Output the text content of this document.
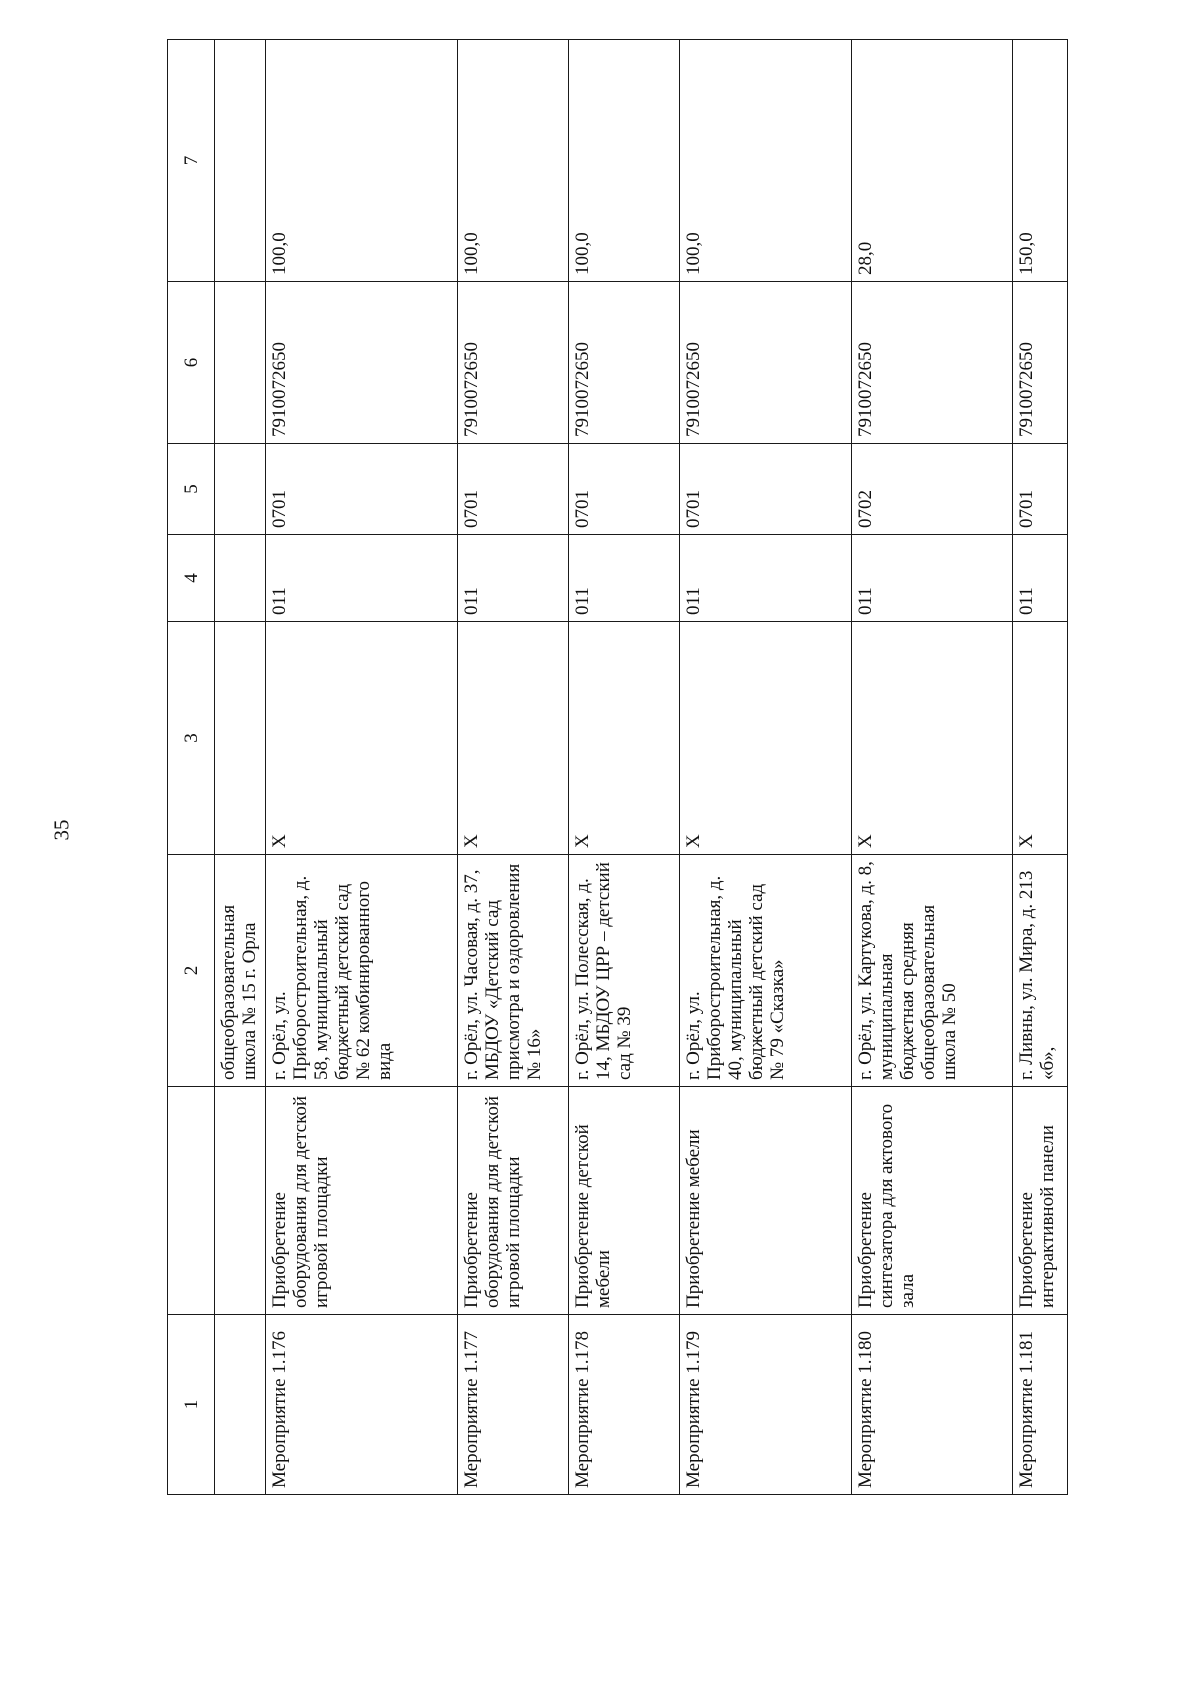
35
1		2	3	4	5	6	7
		общеобразовательная школа № 15 г. Орла					
Мероприятие 1.176	Приобретение оборудования для детской игровой площадки	г. Орёл, ул. Приборостроительная, д. 58, муниципальный бюджетный детский сад № 62 комбинированного вида	X	011	0701	7910072650	100,0
Мероприятие 1.177	Приобретение оборудования для детской игровой площадки	г. Орёл, ул. Часовая, д. 37, МБДОУ «Детский сад присмотра и оздоровления № 16»	X	011	0701	7910072650	100,0
Мероприятие 1.178	Приобретение детской мебели	г. Орёл, ул. Полесская, д. 14, МБДОУ ЦРР – детский сад № 39	X	011	0701	7910072650	100,0
Мероприятие 1.179	Приобретение мебели	г. Орёл, ул. Приборостроительная, д. 40, муниципальный бюджетный детский сад № 79 «Сказка»	X	011	0701	7910072650	100,0
Мероприятие 1.180	Приобретение синтезатора для актового зала	г. Орёл, ул. Картукова, д. 8, муниципальная бюджетная средняя общеобразовательная школа № 50	X	011	0702	7910072650	28,0
Мероприятие 1.181	Приобретение интерактивной панели	г. Ливны, ул. Мира, д. 213 «б»,	X	011	0701	7910072650	150,0
